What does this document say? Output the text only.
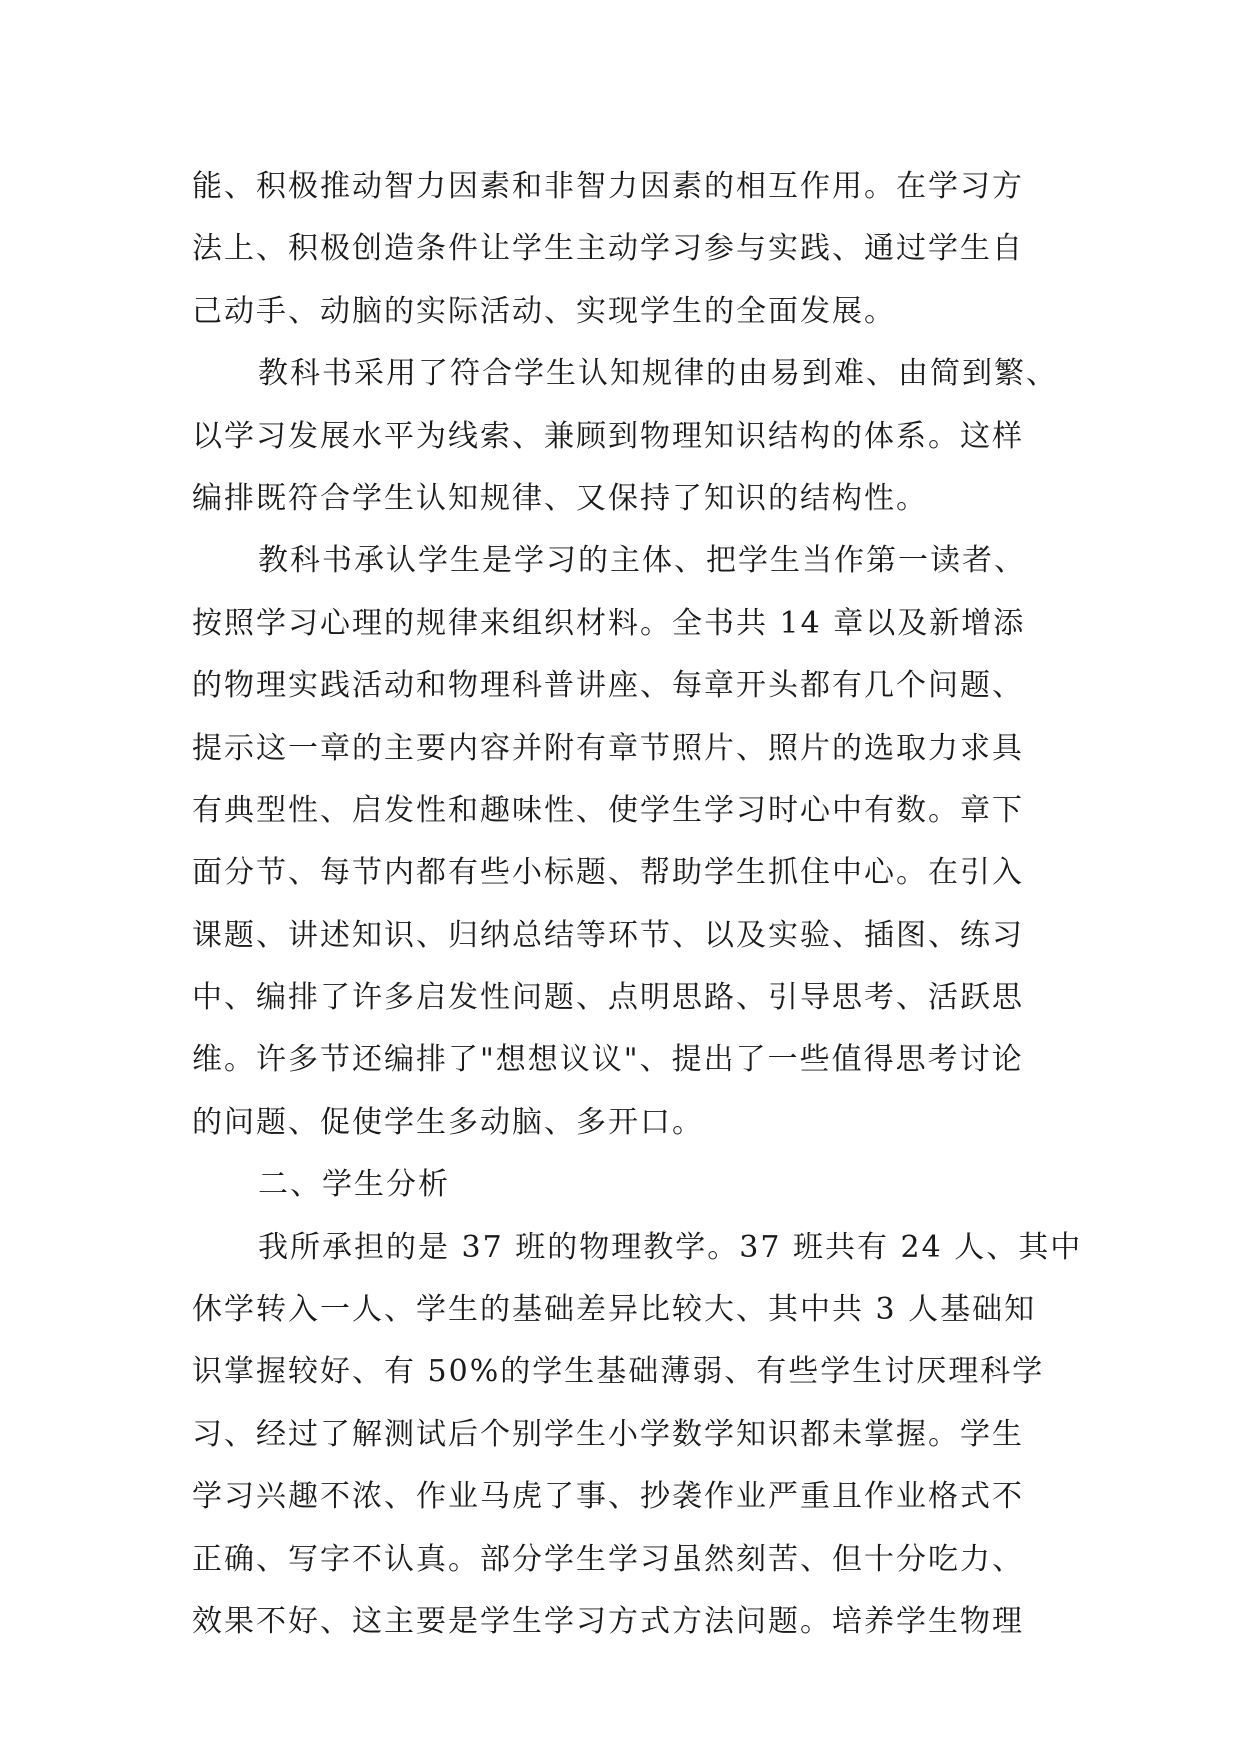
能、积极推动智力因素和非智力因素的相互作用。在学习方
法上、积极创造条件让学生主动学习参与实践、通过学生自
己动手、动脑的实际活动、实现学生的全面发展。
教科书采用了符合学生认知规律的由易到难、由简到繁、
以学习发展水平为线索、兼顾到物理知识结构的体系。这样
编排既符合学生认知规律、又保持了知识的结构性。
教科书承认学生是学习的主体、把学生当作第一读者、
按照学习心理的规律来组织材料。全书共 14 章以及新增添
的物理实践活动和物理科普讲座、每章开头都有几个问题、
提示这一章的主要内容并附有章节照片、照片的选取力求具
有典型性、启发性和趣味性、使学生学习时心中有数。章下
面分节、每节内都有些小标题、帮助学生抓住中心。在引入
课题、讲述知识、归纳总结等环节、以及实验、插图、练习
中、编排了许多启发性问题、点明思路、引导思考、活跃思
维。许多节还编排了"想想议议"、提出了一些值得思考讨论
的问题、促使学生多动脑、多开口。
二、学生分析
我所承担的是 37 班的物理教学。37 班共有 24 人、其中
休学转入一人、学生的基础差异比较大、其中共 3 人基础知
识掌握较好、有 50%的学生基础薄弱、有些学生讨厌理科学
习、经过了解测试后个别学生小学数学知识都未掌握。学生
学习兴趣不浓、作业马虎了事、抄袭作业严重且作业格式不
正确、写字不认真。部分学生学习虽然刻苦、但十分吃力、
效果不好、这主要是学生学习方式方法问题。培养学生物理
